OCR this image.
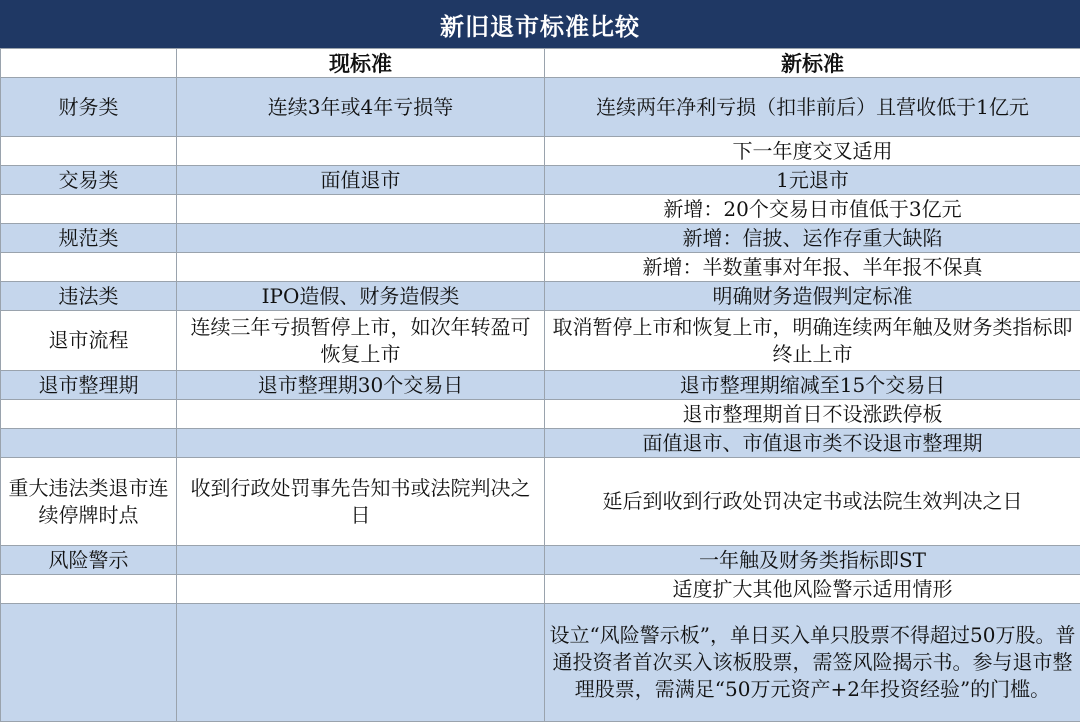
新旧退市标准比较
	现标准	新标准
财务类	连续3年或4年亏损等	连续两年净利亏损（扣非前后）且营收低于1亿元
		下一年度交叉适用
交易类	面值退市	1元退市
		新增：20个交易日市值低于3亿元
规范类		新增：信披、运作存重大缺陷
		新增：半数董事对年报、半年报不保真
违法类	IPO造假、财务造假类	明确财务造假判定标准
退市流程	连续三年亏损暂停上市，如次年转盈可恢复上市	取消暂停上市和恢复上市，明确连续两年触及财务类指标即终止上市
退市整理期	退市整理期30个交易日	退市整理期缩减至15个交易日
		退市整理期首日不设涨跌停板
		面值退市、市值退市类不设退市整理期
重大违法类退市连续停牌时点	收到行政处罚事先告知书或法院判决之日	延后到收到行政处罚决定书或法院生效判决之日
风险警示		一年触及财务类指标即ST
		适度扩大其他风险警示适用情形
		设立“风险警示板”，单日买入单只股票不得超过50万股。普通投资者首次买入该板股票，需签风险揭示书。参与退市整理股票，需满足“50万元资产+2年投资经验”的门槛。
